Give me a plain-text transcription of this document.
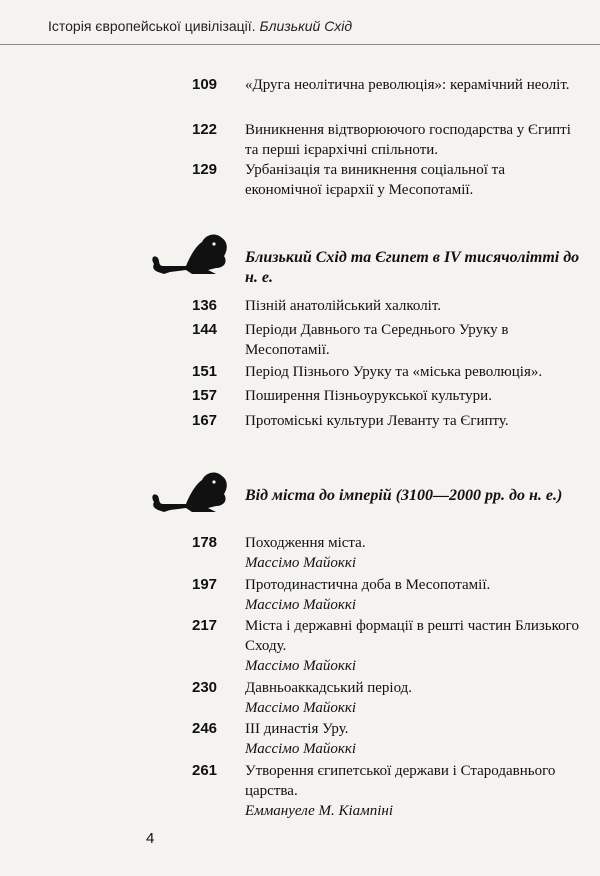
Історія європейської цивілізації. Близький Схід
109 «Друга неолітична революція»: керамічний неоліт.
122 Виникнення відтворюючого господарства у Єгипті та перші ієрархічні спільноти.
129 Урбанізація та виникнення соціальної та економічної ієрархії у Месопотамії.
Близький Схід та Єгипет в IV тисячолітті до н. е.
136 Пізній анатолійський халколіт.
144 Періоди Давнього та Середнього Уруку в Месопотамії.
151 Період Пізнього Уруку та «міська революція».
157 Поширення Пізньоурукської культури.
167 Протоміські культури Леванту та Єгипту.
Від міста до імперій (3100—2000 рр. до н. е.)
178 Походження міста.
Массімо Майоккі
197 Протодинастична доба в Месопотамії.
Массімо Майоккі
217 Міста і державні формації в решті частин Близького Сходу.
Массімо Майоккі
230 Давньоаккадський період.
Массімо Майоккі
246 III династія Уру.
Массімо Майоккі
261 Утворення єгипетської держави і Стародавнього царства.
Еммануеле М. Кіампіні
4
